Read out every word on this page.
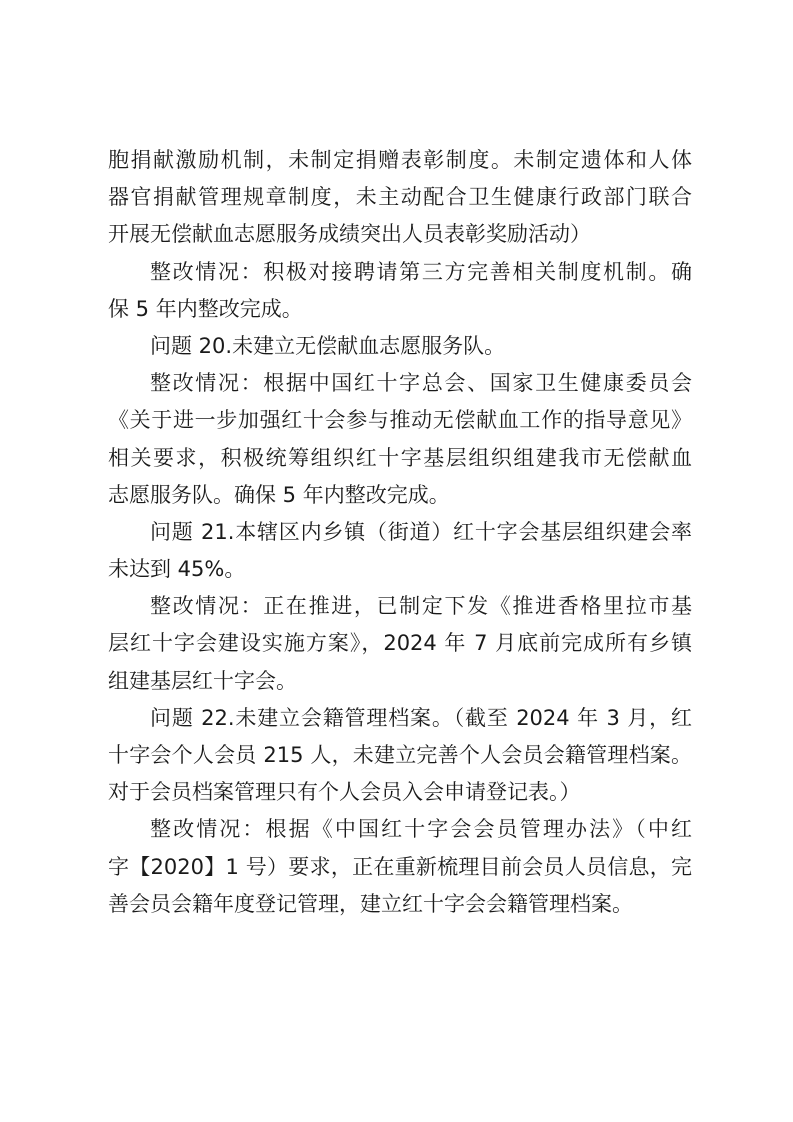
胞捐献激励机制，未制定捐赠表彰制度。未制定遗体和人体
器官捐献管理规章制度，未主动配合卫生健康行政部门联合
开展无偿献血志愿服务成绩突出人员表彰奖励活动）
整改情况：积极对接聘请第三方完善相关制度机制。确
保 5 年内整改完成。
问题 20.未建立无偿献血志愿服务队。
整改情况：根据中国红十字总会、国家卫生健康委员会
《关于进一步加强红十会参与推动无偿献血工作的指导意见》
相关要求，积极统筹组织红十字基层组织组建我市无偿献血
志愿服务队。确保 5 年内整改完成。
问题 21.本辖区内乡镇（街道）红十字会基层组织建会率
未达到 45%。
整改情况：正在推进，已制定下发《推进香格里拉市基
层红十字会建设实施方案》，2024 年 7 月底前完成所有乡镇
组建基层红十字会。
问题 22.未建立会籍管理档案。（截至 2024 年 3 月，红
十字会个人会员 215 人，未建立完善个人会员会籍管理档案。
对于会员档案管理只有个人会员入会申请登记表。）
整改情况：根据《中国红十字会会员管理办法》（中红
字【2020】1 号）要求，正在重新梳理目前会员人员信息，完
善会员会籍年度登记管理，建立红十字会会籍管理档案。
